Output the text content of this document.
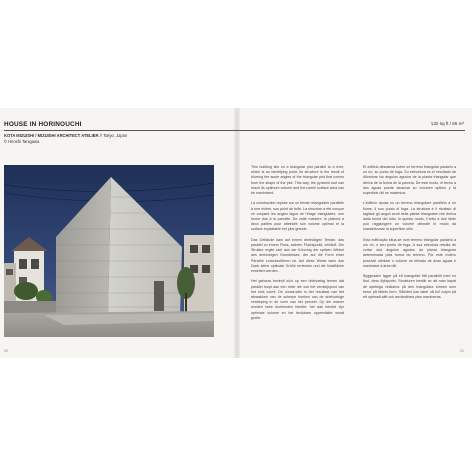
HOUSE IN HORINOUCHI	132 sq ft / 55 m²
KOTA MIZUISHI / MIZUISHI ARCHITECT ATELIER // Tokyo, Japan
© Hiroshi Tanigawa

This building sits on a triangular plot parallel to a river, which is an identifying point. Its structure is the result of blurring the acute angles of the triangular plot that comes from the shape of the plot. This way, the pyramid roof can reach its optimum volume and the useful surface area can be maximized.

La construction repose sur un terrain triangulaire parallèle à une rivière, son point de fuite. La structure a été conçue en coupant les angles aigus de l'étage triangulaire, une forme due à la parcelle. De cette manière, le plafond a deux parties pour atteindre son volume optimal et la surface exploitable est plus grande.

Das Gebäude kam auf einem dreieckigen Terrain, das parallel zu einem Fluss, seinem Fluchtpunkt, verläuft. Die Struktur ergibt sich aus der Kürzung der spitzen Winkel des dreieckigen Grundrisses, der auf die Form einer Parzelle zurückzuführen ist. Auf diese Weise kann das Dach seine optimale Größe erreichen und die Nutzfläche erweitert werden.

Het gebouw bevindt zich op een driehoekig terrein dat parallel loopt aan een rivier die ook het verdwijnpunt van het huis vormt. De constructie is het resultaat van het afzwakken van de scherpe hoeken van de driehoekige verdieping in de vorm van het perceel. Op die manier worden twee doeleinden bereikt: het dak bereikt zijn optimale volume en het bruikbare oppervlakte wordt groter.

El edificio descansa sobre un terreno triangular paralelo a un río, su punto de fuga. Su estructura es el resultado de difuminar los ángulos agudos de la planta triangular que deriva de la forma de la parcela. De este modo, el techo a dos aguas puede alcanzar su volumen óptimo y la superficie útil se maximiza.

L'edificio riposa su un terreno triangolare parallelo a un fiume, il suo punto di fuga. La struttura è il risultato di tagliare gli angoli acuti della pianta triangolare che deriva dalla forma del lotto. In questo modo, il tetto a due falde può raggiungere un volume ottimale in modo da massimizzare la superficie utile.

Esta edificação situa-se num terreno triangular paralelo a um rio, o seu ponto de fuga. A sua estrutura resulta de cortar dos ângulos agudos da planta triangular determinada pela forma do terreno. Por este motivo possível otimizar o volume do telhado de duas águas e maximizar a área útil.

Byggnaden ligger på ett triangulärt fält parallellt med en flod, dess flyktpunkt. Strukturen består av att man kapat de spetsiga vinklarna på den triangulära formen som beror på fältets form. Således kan taket nå full volym på ett optimalt sätt och användbara ytan maximeras.

00	01
